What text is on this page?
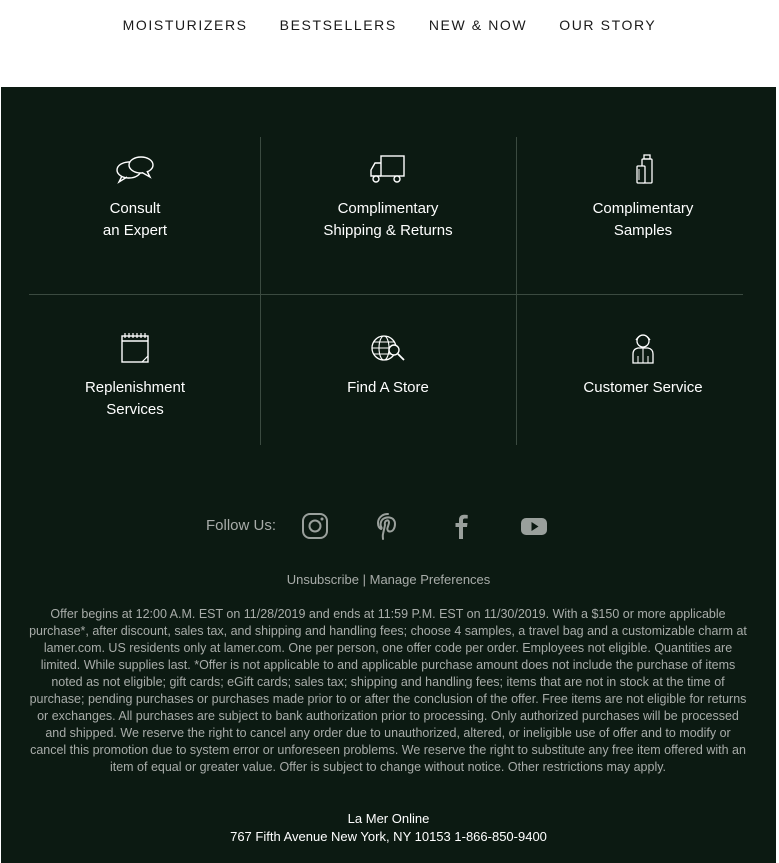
MOISTURIZERS	BESTSELLERS	NEW & NOW	OUR STORY
Consult
an Expert
Complimentary
Shipping & Returns
Complimentary
Samples
Replenishment
Services
Find A Store	Customer Service
Follow Us:
Unsubscribe | Manage Preferences
Offer begins at 12:00 A.M. EST on 11/28/2019 and ends at 11:59 P.M. EST on 11/30/2019. With a $150 or more applicable purchase*, after discount, sales tax, and shipping and handling fees; choose 4 samples, a travel bag and a customizable charm at lamer.com. US residents only at lamer.com. One per person, one offer code per order. Employees not eligible. Quantities are limited. While supplies last. *Offer is not applicable to and applicable purchase amount does not include the purchase of items noted as not eligible; gift cards; eGift cards; sales tax; shipping and handling fees; items that are not in stock at the time of purchase; pending purchases or purchases made prior to or after the conclusion of the offer. Free items are not eligible for returns or exchanges. All purchases are subject to bank authorization prior to processing. Only authorized purchases will be processed and shipped. We reserve the right to cancel any order due to unauthorized, altered, or ineligible use of offer and to modify or cancel this promotion due to system error or unforeseen problems. We reserve the right to substitute any free item offered with an item of equal or greater value. Offer is subject to change without notice. Other restrictions may apply.
La Mer Online
767 Fifth Avenue New York, NY 10153 1-866-850-9400
